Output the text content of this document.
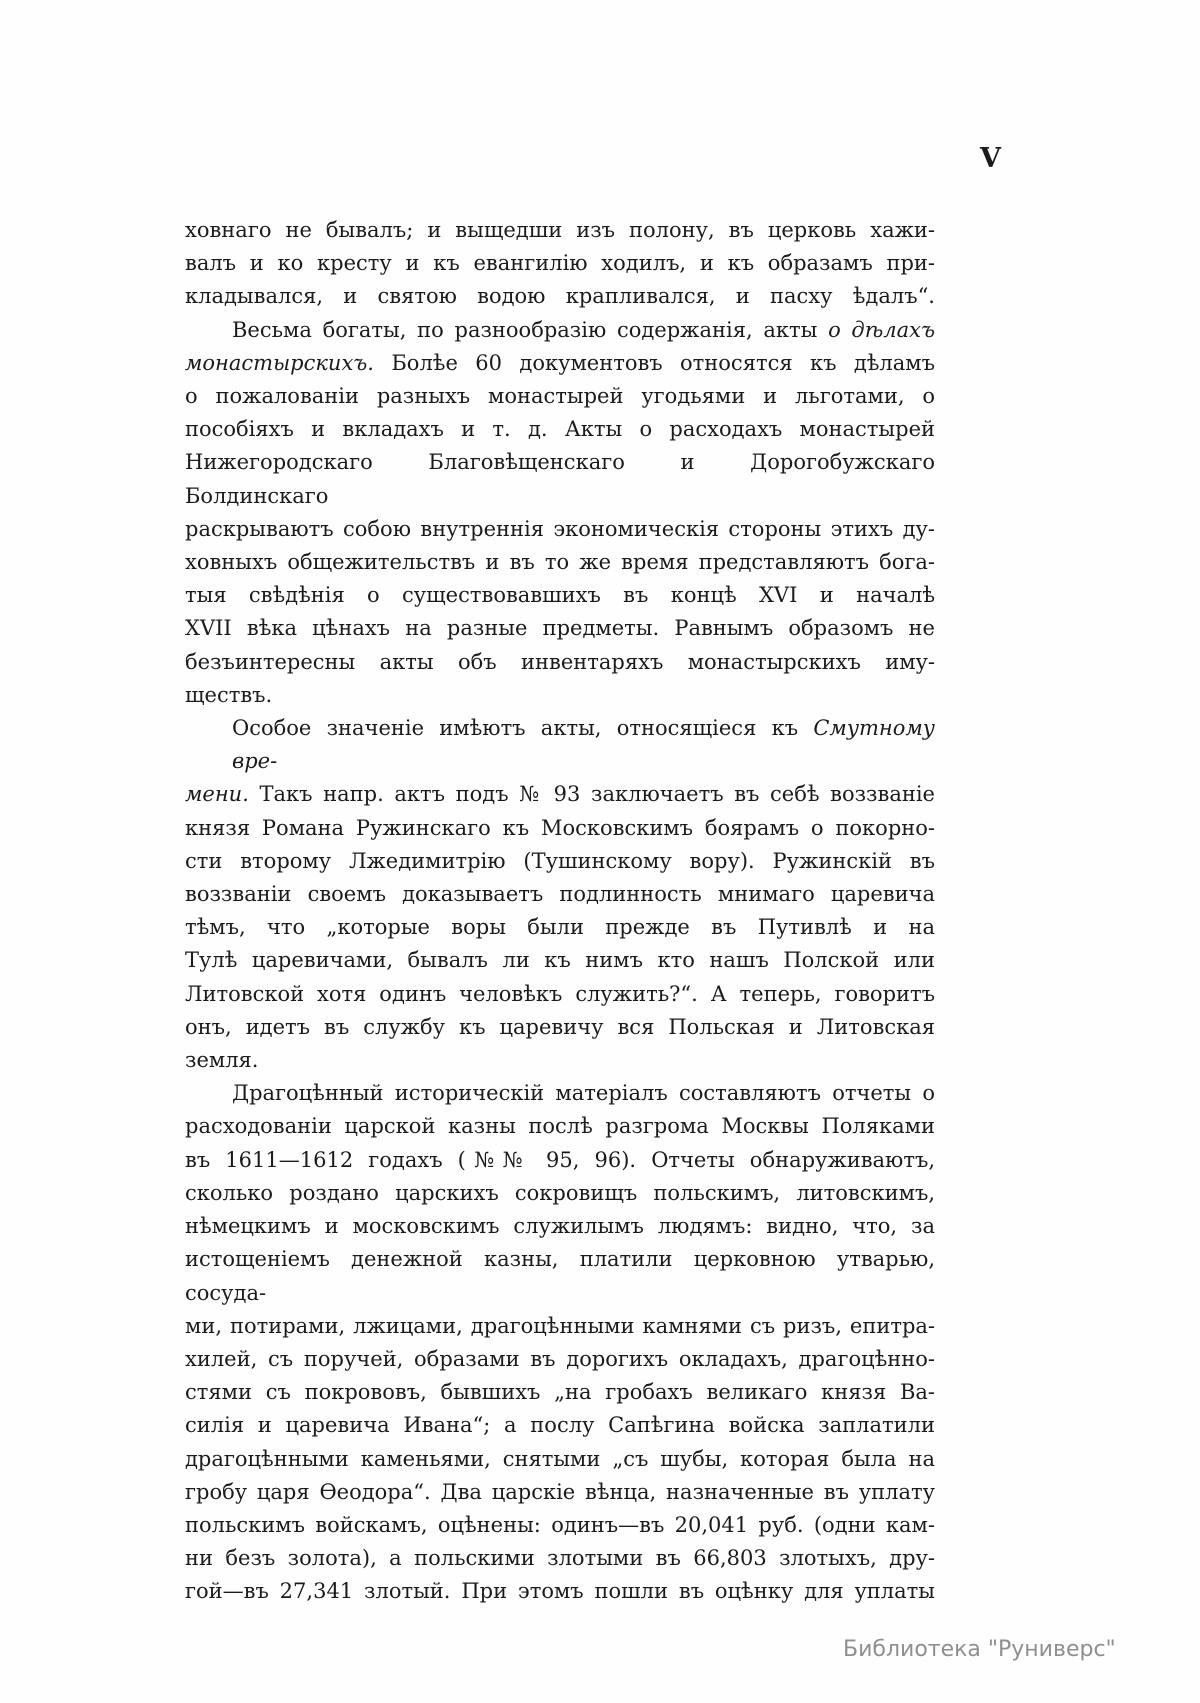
V
ховнаго не бывалъ; и выщедши изъ полону, въ церковь хажи-
валъ и ко кресту и къ евангилію ходилъ, и къ образамъ при-
кладывался, и святою водою крапливался, и пасху ѣдалъ“.
Весьма богаты, по разнообразію содержанія, акты о дѣлахъ
монастырскихъ. Болѣе 60 документовъ относятся къ дѣламъ
о пожалованіи разныхъ монастырей угодьями и льготами, о
пособіяхъ и вкладахъ и т. д. Акты о расходахъ монастырей
Нижегородскаго Благовѣщенскаго и Дорогобужскаго Болдинскаго
раскрываютъ собою внутреннія экономическія стороны этихъ ду-
ховныхъ общежительствъ и въ то же время представляютъ бога-
тыя свѣдѣнія о существовавшихъ въ концѣ XVI и началѣ
XVII вѣка цѣнахъ на разные предметы. Равнымъ образомъ не
безъинтересны акты объ инвентаряхъ монастырскихъ иму-
ществъ.
Особое значеніе имѣютъ акты, относящіеся къ Смутному вре-
мени. Такъ напр. актъ подъ № 93 заключаетъ въ себѣ воззваніе
князя Романа Ружинскаго къ Московскимъ боярамъ о покорно-
сти второму Лжедимитрію (Тушинскому вору). Ружинскій въ
воззваніи своемъ доказываетъ подлинность мнимаго царевича
тѣмъ, что „которые воры были прежде въ Путивлѣ и на
Тулѣ царевичами, бывалъ ли къ нимъ кто нашъ Полской или
Литовской хотя одинъ человѣкъ служить?“. А теперь, говоритъ
онъ, идетъ въ службу къ царевичу вся Польская и Литовская
земля.
Драгоцѣнный историческій матеріалъ составляютъ отчеты о
расходованіи царской казны послѣ разгрома Москвы Поляками
въ 1611—1612 годахъ (№№ 95, 96). Отчеты обнаруживаютъ,
сколько роздано царскихъ сокровищъ польскимъ, литовскимъ,
нѣмецкимъ и московскимъ служилымъ людямъ: видно, что, за
истощеніемъ денежной казны, платили церковною утварью, сосуда-
ми, потирами, лжицами, драгоцѣнными камнями съ ризъ, епитра-
хилей, съ поручей, образами въ дорогихъ окладахъ, драгоцѣнно-
стями съ покрововъ, бывшихъ „на гробахъ великаго князя Ва-
силія и царевича Ивана“; а послу Сапѣгина войска заплатили
драгоцѣнными каменьями, снятыми „съ шубы, которая была на
гробу царя Ѳеодора“. Два царскіе вѣнца, назначенные въ уплату
польскимъ войскамъ, оцѣнены: одинъ—въ 20,041 руб. (одни кам-
ни безъ золота), а польскими злотыми въ 66,803 злотыхъ, дру-
гой—въ 27,341 злотый. При этомъ пошли въ оцѣнку для уплаты
Библиотека "Руниверс"
